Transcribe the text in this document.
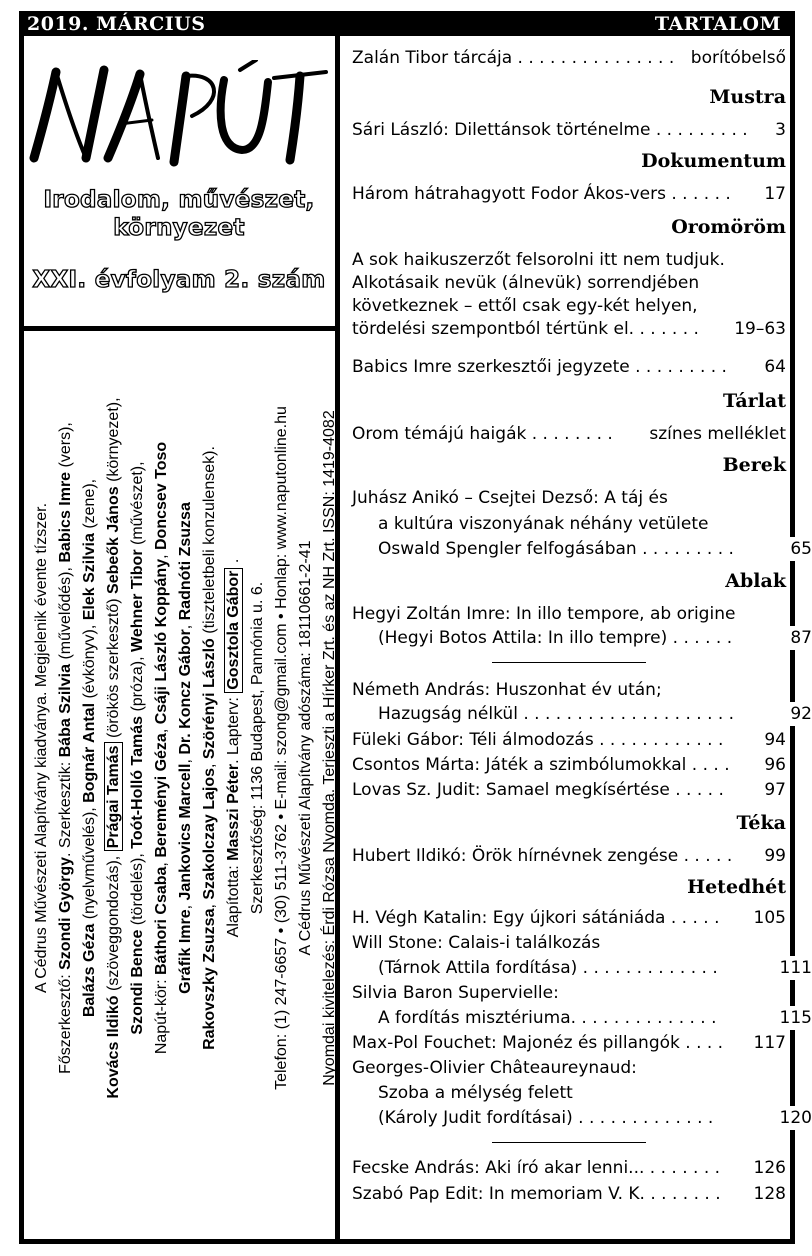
2019. MÁRCIUS	TARTALOM
Irodalom, művészet,
környezet
XXI. évfolyam 2. szám
A Cédrus Művészeti Alapítvány kiadványa. Megjelenik évente tízszer.
Főszerkesztő: Szondi György. Szerkesztik: Bába Szilvia (művelődés), Babics Imre (vers),
Balázs Géza (nyelvművelés), Bognár Antal (évkönyv), Elek Szilvia (zene),
Kovács Ildikó (szöveggondozás), Prágai Tamás (örökös szerkesztő) Sebeők János (környezet),
Szondi Bence (tördelés), Toót-Holló Tamás (próza), Wehner Tibor (művészet),
Napút-kör: Báthori Csaba, Bereményi Géza, Csáji László Koppány, Doncsev Toso
Gráfik Imre, Jankovics Marcell, Dr. Koncz Gábor, Radnóti Zsuzsa
Rakovszky Zsuzsa, Szakolczay Lajos, Szörényi László (tiszteletbeli konzulensek).
Alapította: Masszi Péter. Lapterv: Gosztola Gábor .
Szerkesztőség: 1136 Budapest, Pannónia u. 6. Telefon: (1) 247-6657 • (30) 511-3762 • E-mail: szong@gmail.com • Honlap: www.naputonline.hu A Cédrus Művészeti Alapítvány adószáma: 18110661-2-41 Nyomdai kivitelezés: Érdi Rózsa Nyomda. Terjeszti a Hírker Zrt. és az NH Zrt. ISSN: 1419-4082
Zalán Tibor tárcája . . . . . . . . . . . . . . . borítóbelső
Mustra
Sári László: Dilettánsok történelme . . . . . . . . . 3
Dokumentum
Három hátrahagyott Fodor Ákos-vers . . . . . . 17
Oromöröm
A sok haikuszerzőt felsorolni itt nem tudjuk.
Alkotásaik nevük (álnevük) sorrendjében
következnek – ettől csak egy-két helyen,
tördelési szempontból tértünk el. . . . . . . 19–63
Babics Imre szerkesztői jegyzete . . . . . . . . . 64
Tárlat
Orom témájú haigák . . . . . . . . színes melléklet
Berek
Juhász Anikó – Csejtei Dezső: A táj és
a kultúra viszonyának néhány vetülete
Oswald Spengler felfogásában . . . . . . . . .	65
Ablak
Hegyi Zoltán Imre: In illo tempore, ab origine
(Hegyi Botos Attila: In illo tempre) . . . . . .	87
Németh András: Huszonhat év után;
Hazugság nélkül . . . . . . . . . . . . . . . . . . . .	92
Füleki Gábor: Téli álmodozás . . . . . . . . . . . . 94
Csontos Márta: Játék a szimbólumokkal . . . . 96
Lovas Sz. Judit: Samael megkísértése . . . . . 97
Téka
Hubert Ildikó: Örök hírnévnek zengése . . . . . 99
Hetedhét
H. Végh Katalin: Egy újkori sátániáda . . . . . 105
Will Stone: Calais-i találkozás
(Tárnok Attila fordítása) . . . . . . . . . . . . .	111
Silvia Baron Supervielle:
A fordítás misztériuma. . . . . . . . . . . . . .	115
Max-Pol Fouchet: Majonéz és pillangók . . . . 117
Georges-Olivier Châteaureynaud:
Szoba a mélység felett
(Károly Judit fordításai) . . . . . . . . . . . . .	120
Fecske András: Aki író akar lenni... . . . . . . . 126
Szabó Pap Edit: In memoriam V. K. . . . . . . . 128
